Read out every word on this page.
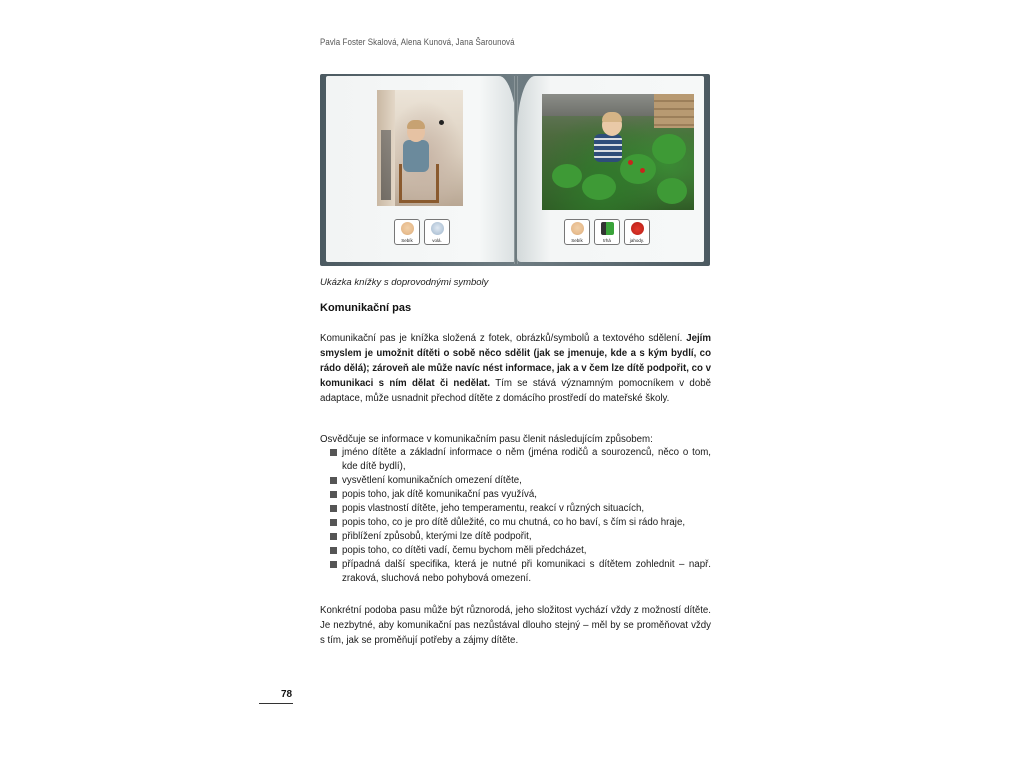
Pavla Foster Skalová, Alena Kunová, Jana Šarounová
Sebík	volá.	Sebík	trhá	jahody.
Ukázka knížky s doprovodnými symboly
Komunikační pas
Komunikační pas je knížka složená z fotek, obrázků/symbolů a textového sdělení. Jejím smyslem je umožnit dítěti o sobě něco sdělit (jak se jmenuje, kde a s kým bydlí, co rádo dělá); zároveň ale může navíc nést informace, jak a v čem lze dítě podpořit, co v komunikaci s ním dělat či nedělat. Tím se stává významným pomocníkem v době adaptace, může usnadnit přechod dítěte z domácího prostředí do mateřské školy.
Osvědčuje se informace v komunikačním pasu členit následujícím způsobem:
jméno dítěte a základní informace o něm (jména rodičů a sourozenců, něco o tom, kde dítě bydlí),
vysvětlení komunikačních omezení dítěte,
popis toho, jak dítě komunikační pas využívá,
popis vlastností dítěte, jeho temperamentu, reakcí v různých situacích,
popis toho, co je pro dítě důležité, co mu chutná, co ho baví, s čím si rádo hraje,
přiblížení způsobů, kterými lze dítě podpořit,
popis toho, co dítěti vadí, čemu bychom měli předcházet,
případná další specifika, která je nutné při komunikaci s dítětem zohlednit – např. zraková, sluchová nebo pohybová omezení.
Konkrétní podoba pasu může být různorodá, jeho složitost vychází vždy z možností dítěte. Je nezbytné, aby komunikační pas nezůstával dlouho stejný – měl by se proměňovat vždy s tím, jak se proměňují potřeby a zájmy dítěte.
78
